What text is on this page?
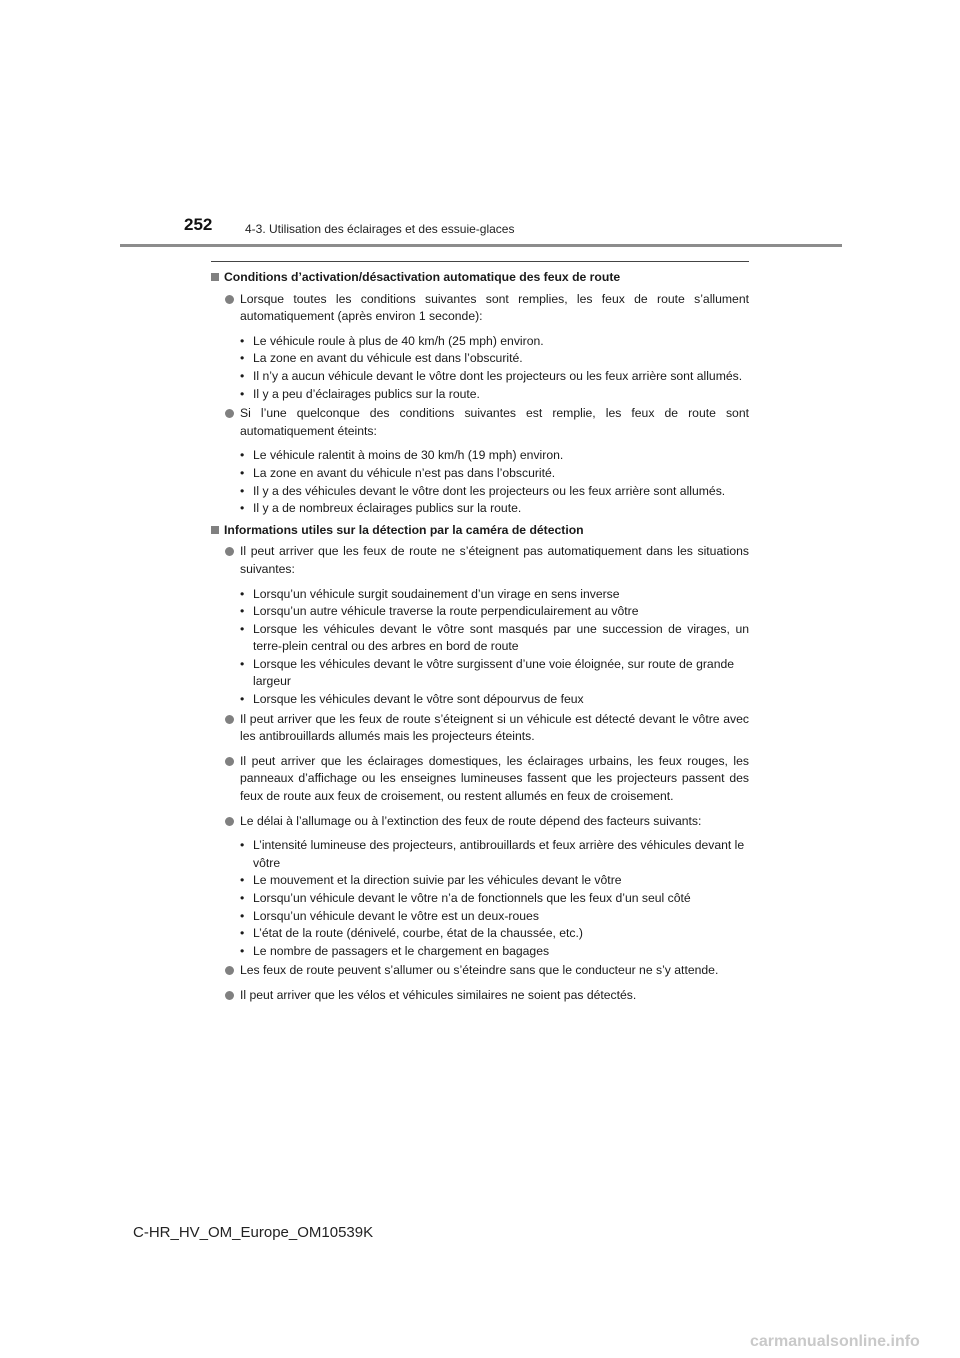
252	4-3. Utilisation des éclairages et des essuie-glaces
Conditions d’activation/désactivation automatique des feux de route
Lorsque toutes les conditions suivantes sont remplies, les feux de route s’allument automatiquement (après environ 1 seconde):
• Le véhicule roule à plus de 40 km/h (25 mph) environ.
• La zone en avant du véhicule est dans l’obscurité.
• Il n’y a aucun véhicule devant le vôtre dont les projecteurs ou les feux arrière sont allumés.
• Il y a peu d’éclairages publics sur la route.
Si l’une quelconque des conditions suivantes est remplie, les feux de route sont automatiquement éteints:
• Le véhicule ralentit à moins de 30 km/h (19 mph) environ.
• La zone en avant du véhicule n’est pas dans l’obscurité.
• Il y a des véhicules devant le vôtre dont les projecteurs ou les feux arrière sont allumés.
• Il y a de nombreux éclairages publics sur la route.
Informations utiles sur la détection par la caméra de détection
Il peut arriver que les feux de route ne s’éteignent pas automatiquement dans les situations suivantes:
• Lorsqu’un véhicule surgit soudainement d’un virage en sens inverse
• Lorsqu’un autre véhicule traverse la route perpendiculairement au vôtre
• Lorsque les véhicules devant le vôtre sont masqués par une succession de virages, un terre-plein central ou des arbres en bord de route
• Lorsque les véhicules devant le vôtre surgissent d’une voie éloignée, sur route de grande largeur
• Lorsque les véhicules devant le vôtre sont dépourvus de feux
Il peut arriver que les feux de route s’éteignent si un véhicule est détecté devant le vôtre avec les antibrouillards allumés mais les projecteurs éteints.
Il peut arriver que les éclairages domestiques, les éclairages urbains, les feux rouges, les panneaux d’affichage ou les enseignes lumineuses fassent que les projecteurs passent des feux de route aux feux de croisement, ou restent allumés en feux de croisement.
Le délai à l’allumage ou à l’extinction des feux de route dépend des facteurs suivants:
• L’intensité lumineuse des projecteurs, antibrouillards et feux arrière des véhicules devant le vôtre
• Le mouvement et la direction suivie par les véhicules devant le vôtre
• Lorsqu’un véhicule devant le vôtre n’a de fonctionnels que les feux d’un seul côté
• Lorsqu’un véhicule devant le vôtre est un deux-roues
• L’état de la route (dénivelé, courbe, état de la chaussée, etc.)
• Le nombre de passagers et le chargement en bagages
Les feux de route peuvent s’allumer ou s’éteindre sans que le conducteur ne s’y attende.
Il peut arriver que les vélos et véhicules similaires ne soient pas détectés.
C-HR_HV_OM_Europe_OM10539K
carmanualsonline.info
